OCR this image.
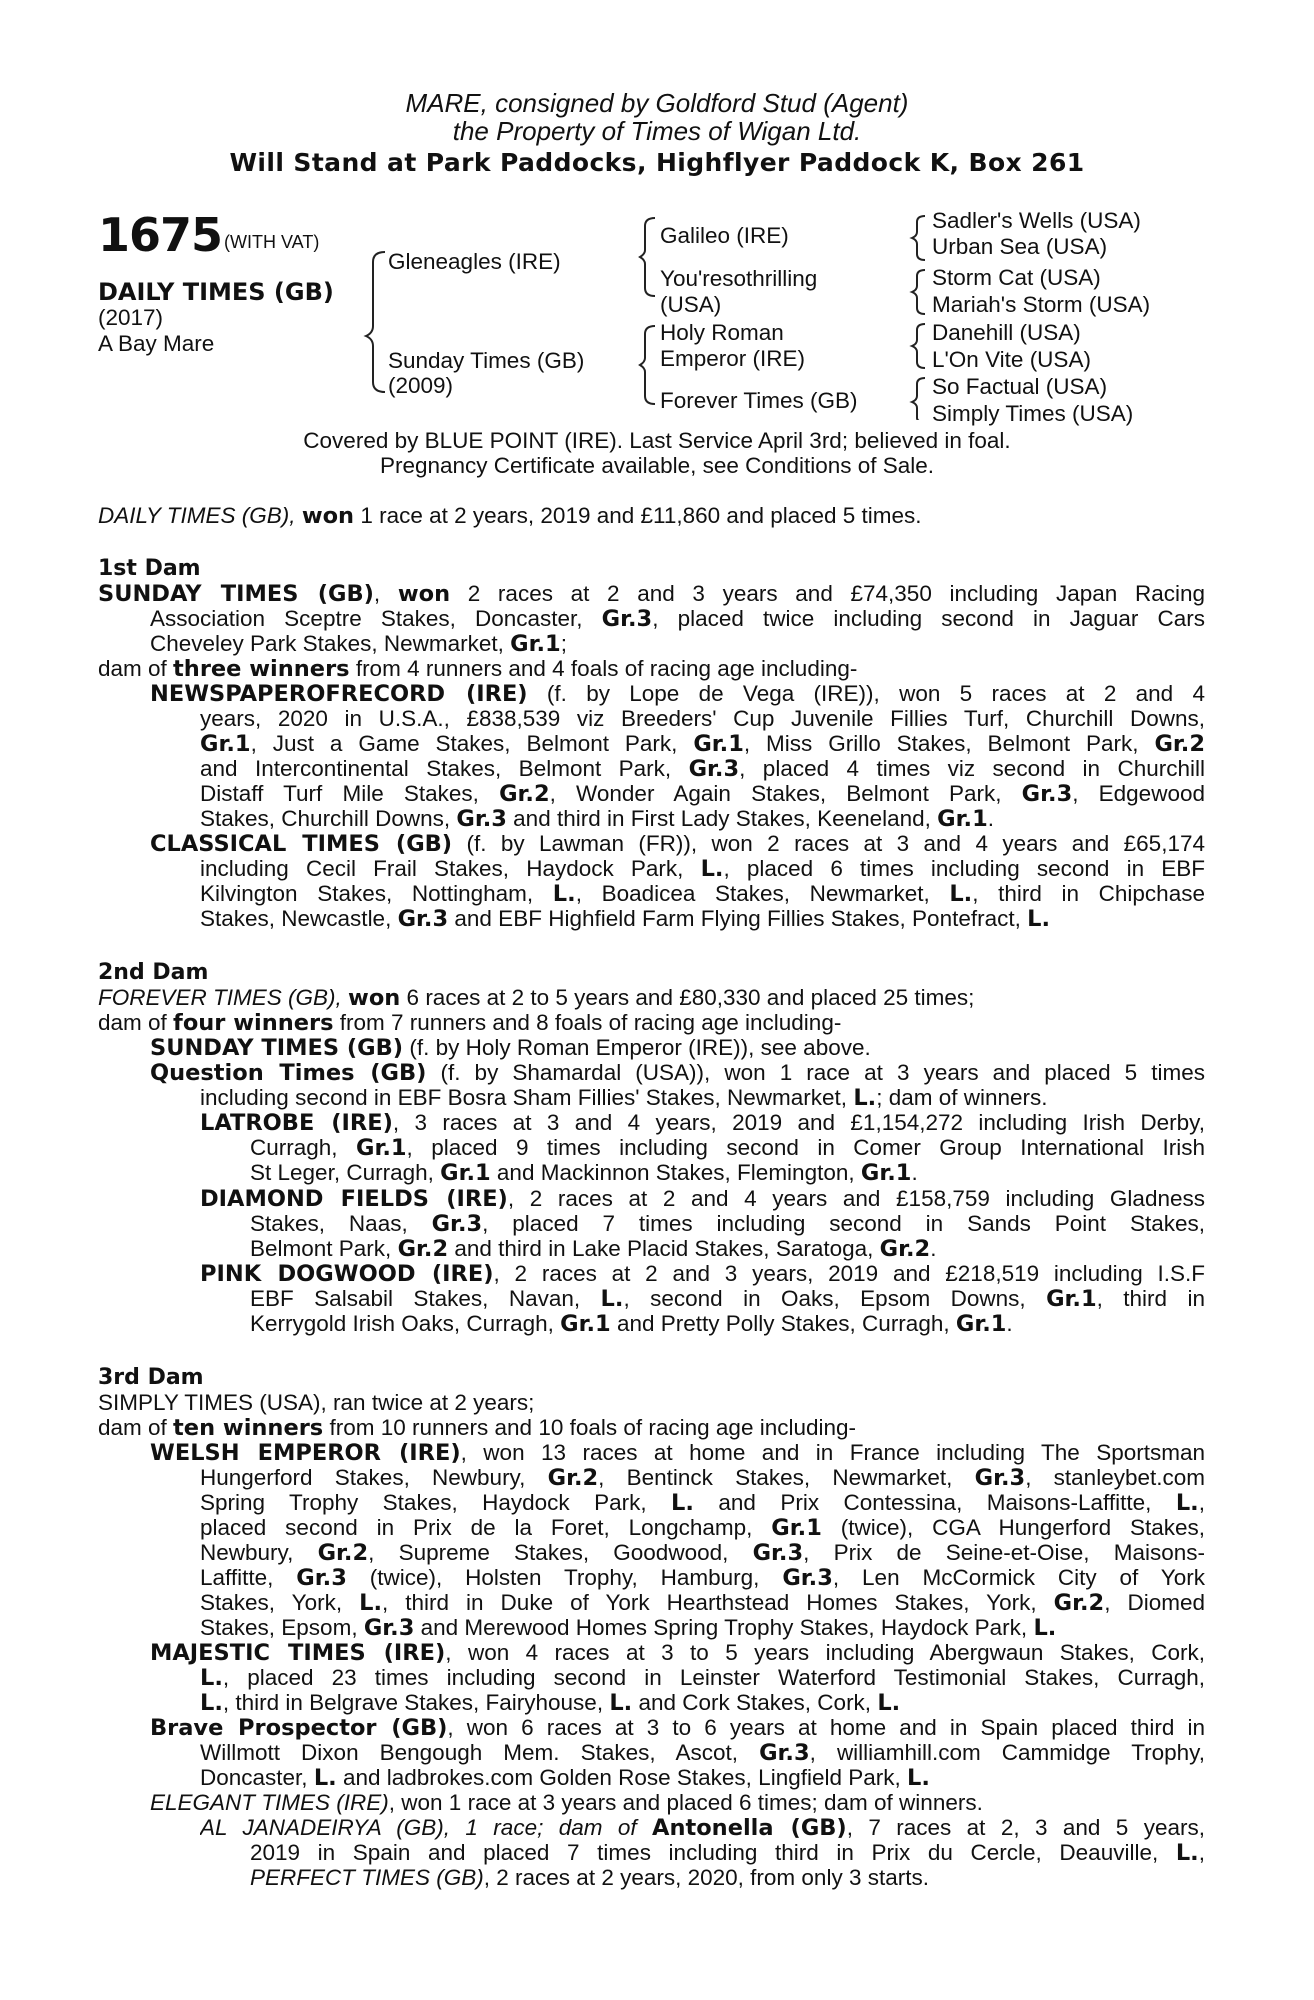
MARE, consigned by Goldford Stud (Agent)
the Property of Times of Wigan Ltd.
Will Stand at Park Paddocks, Highflyer Paddock K, Box 261
1675 (WITH VAT)
DAILY TIMES (GB)
(2017)
A Bay Mare
Gleneagles (IRE)
Sunday Times (GB)
(2009)
Galileo (IRE)
You'resothrilling
(USA)
Holy Roman
Emperor (IRE)
Forever Times (GB)
Sadler's Wells (USA)
Urban Sea (USA)
Storm Cat (USA)
Mariah's Storm (USA)
Danehill (USA)
L'On Vite (USA)
So Factual (USA)
Simply Times (USA)
Covered by BLUE POINT (IRE). Last Service April 3rd; believed in foal.
Pregnancy Certificate available, see Conditions of Sale.
DAILY TIMES (GB), won 1 race at 2 years, 2019 and £11,860 and placed 5 times.
1st Dam
SUNDAY TIMES (GB), won 2 races at 2 and 3 years and £74,350 including Japan Racing
Association Sceptre Stakes, Doncaster, Gr.3, placed twice including second in Jaguar Cars
Cheveley Park Stakes, Newmarket, Gr.1;
dam of three winners from 4 runners and 4 foals of racing age including-
NEWSPAPEROFRECORD (IRE) (f. by Lope de Vega (IRE)), won 5 races at 2 and 4
years, 2020 in U.S.A., £838,539 viz Breeders' Cup Juvenile Fillies Turf, Churchill Downs,
Gr.1, Just a Game Stakes, Belmont Park, Gr.1, Miss Grillo Stakes, Belmont Park, Gr.2
and Intercontinental Stakes, Belmont Park, Gr.3, placed 4 times viz second in Churchill
Distaff Turf Mile Stakes, Gr.2, Wonder Again Stakes, Belmont Park, Gr.3, Edgewood
Stakes, Churchill Downs, Gr.3 and third in First Lady Stakes, Keeneland, Gr.1.
CLASSICAL TIMES (GB) (f. by Lawman (FR)), won 2 races at 3 and 4 years and £65,174
including Cecil Frail Stakes, Haydock Park, L., placed 6 times including second in EBF
Kilvington Stakes, Nottingham, L., Boadicea Stakes, Newmarket, L., third in Chipchase
Stakes, Newcastle, Gr.3 and EBF Highfield Farm Flying Fillies Stakes, Pontefract, L.
2nd Dam
FOREVER TIMES (GB), won 6 races at 2 to 5 years and £80,330 and placed 25 times;
dam of four winners from 7 runners and 8 foals of racing age including-
SUNDAY TIMES (GB) (f. by Holy Roman Emperor (IRE)), see above.
Question Times (GB) (f. by Shamardal (USA)), won 1 race at 3 years and placed 5 times
including second in EBF Bosra Sham Fillies' Stakes, Newmarket, L.; dam of winners.
LATROBE (IRE), 3 races at 3 and 4 years, 2019 and £1,154,272 including Irish Derby,
Curragh, Gr.1, placed 9 times including second in Comer Group International Irish
St Leger, Curragh, Gr.1 and Mackinnon Stakes, Flemington, Gr.1.
DIAMOND FIELDS (IRE), 2 races at 2 and 4 years and £158,759 including Gladness
Stakes, Naas, Gr.3, placed 7 times including second in Sands Point Stakes,
Belmont Park, Gr.2 and third in Lake Placid Stakes, Saratoga, Gr.2.
PINK DOGWOOD (IRE), 2 races at 2 and 3 years, 2019 and £218,519 including I.S.F
EBF Salsabil Stakes, Navan, L., second in Oaks, Epsom Downs, Gr.1, third in
Kerrygold Irish Oaks, Curragh, Gr.1 and Pretty Polly Stakes, Curragh, Gr.1.
3rd Dam
SIMPLY TIMES (USA), ran twice at 2 years;
dam of ten winners from 10 runners and 10 foals of racing age including-
WELSH EMPEROR (IRE), won 13 races at home and in France including The Sportsman
Hungerford Stakes, Newbury, Gr.2, Bentinck Stakes, Newmarket, Gr.3, stanleybet.com
Spring Trophy Stakes, Haydock Park, L. and Prix Contessina, Maisons-Laffitte, L.,
placed second in Prix de la Foret, Longchamp, Gr.1 (twice), CGA Hungerford Stakes,
Newbury, Gr.2, Supreme Stakes, Goodwood, Gr.3, Prix de Seine-et-Oise, Maisons-
Laffitte, Gr.3 (twice), Holsten Trophy, Hamburg, Gr.3, Len McCormick City of York
Stakes, York, L., third in Duke of York Hearthstead Homes Stakes, York, Gr.2, Diomed
Stakes, Epsom, Gr.3 and Merewood Homes Spring Trophy Stakes, Haydock Park, L.
MAJESTIC TIMES (IRE), won 4 races at 3 to 5 years including Abergwaun Stakes, Cork,
L., placed 23 times including second in Leinster Waterford Testimonial Stakes, Curragh,
L., third in Belgrave Stakes, Fairyhouse, L. and Cork Stakes, Cork, L.
Brave Prospector (GB), won 6 races at 3 to 6 years at home and in Spain placed third in
Willmott Dixon Bengough Mem. Stakes, Ascot, Gr.3, williamhill.com Cammidge Trophy,
Doncaster, L. and ladbrokes.com Golden Rose Stakes, Lingfield Park, L.
ELEGANT TIMES (IRE), won 1 race at 3 years and placed 6 times; dam of winners.
AL JANADEIRYA (GB), 1 race; dam of Antonella (GB), 7 races at 2, 3 and 5 years,
2019 in Spain and placed 7 times including third in Prix du Cercle, Deauville, L.,
PERFECT TIMES (GB), 2 races at 2 years, 2020, from only 3 starts.
